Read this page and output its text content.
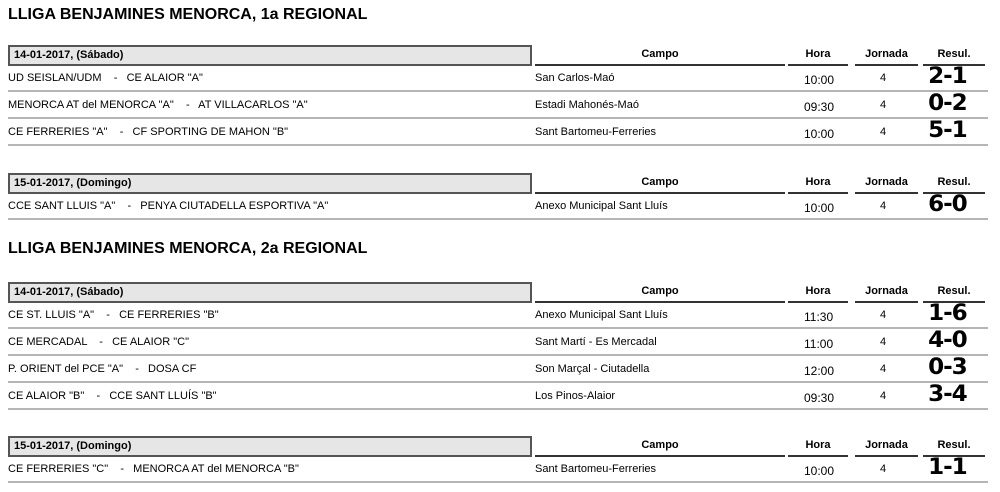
LLIGA BENJAMINES MENORCA, 1a REGIONAL
14-01-2017, (Sábado)	Campo	Hora	Jornada	Resul.
UD SEISLAN/UDM    -   CE ALAIOR "A"	San Carlos-Maó	10:00	4 2-1
MENORCA AT del MENORCA "A"    -   AT VILLACARLOS "A"	Estadi Mahonés-Maó	09:30	4 0-2
CE FERRERIES "A"    -   CF SPORTING DE MAHON "B"	Sant Bartomeu-Ferreries	10:00	4 5-1
15-01-2017, (Domingo)	Campo	Hora	Jornada	Resul.
CCE SANT LLUIS "A"    -   PENYA CIUTADELLA ESPORTIVA "A"	Anexo Municipal Sant Lluís	10:00	4 6-0
LLIGA BENJAMINES MENORCA, 2a REGIONAL
14-01-2017, (Sábado)	Campo	Hora	Jornada	Resul.
CE ST. LLUIS "A"    -   CE FERRERIES "B"	Anexo Municipal Sant Lluís	11:30	4 1-6
CE MERCADAL    -   CE ALAIOR "C"	Sant Martí - Es Mercadal	11:00	4 4-0
P. ORIENT del PCE "A"    -   DOSA CF	Son Marçal - Ciutadella	12:00	4 0-3
CE ALAIOR "B"    -   CCE SANT LLUÍS "B"	Los Pinos-Alaior	09:30	4 3-4
15-01-2017, (Domingo)	Campo	Hora	Jornada	Resul.
CE FERRERIES "C"    -   MENORCA AT del MENORCA "B"	Sant Bartomeu-Ferreries	10:00	4 1-1
